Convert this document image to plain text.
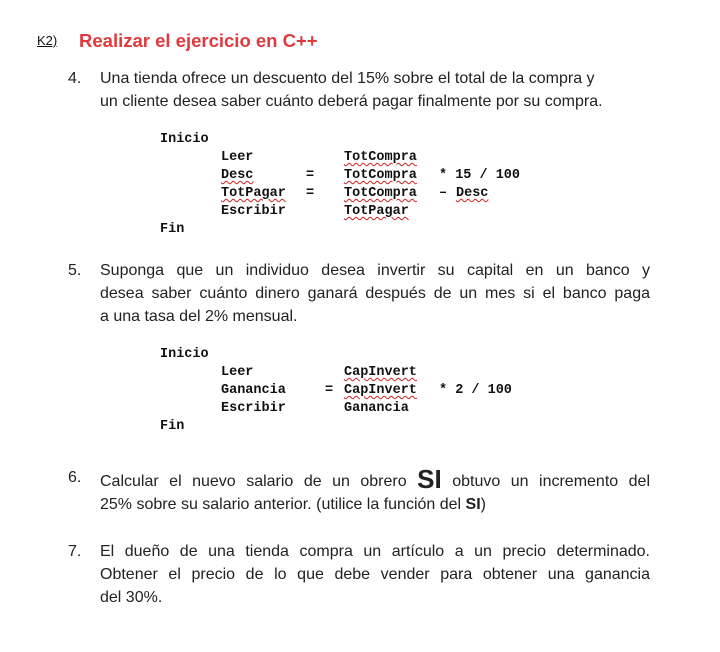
K2) Realizar el ejercicio en C++
4. Una tienda ofrece un descuento del 15% sobre el total de la compra y
un cliente desea saber cuánto deberá pagar finalmente por su compra.
Inicio
Leer	TotCompra
Desc	= TotCompra * 15 / 100
TotPagar = TotCompra – Desc
Escribir	TotPagar
Fin
5. Suponga que un individuo desea invertir su capital en un banco y
desea saber cuánto dinero ganará después de un mes si el banco paga
a una tasa del 2% mensual.
Inicio
Leer	CapInvert
Ganancia	= CapInvert * 2 / 100
Escribir	Ganancia
Fin
6. Calcular el nuevo salario de un obrero SI obtuvo un incremento del
25% sobre su salario anterior. (utilice la función del SI)
7. El dueño de una tienda compra un artículo a un precio determinado.
Obtener el precio de lo que debe vender para obtener una ganancia
del 30%.
